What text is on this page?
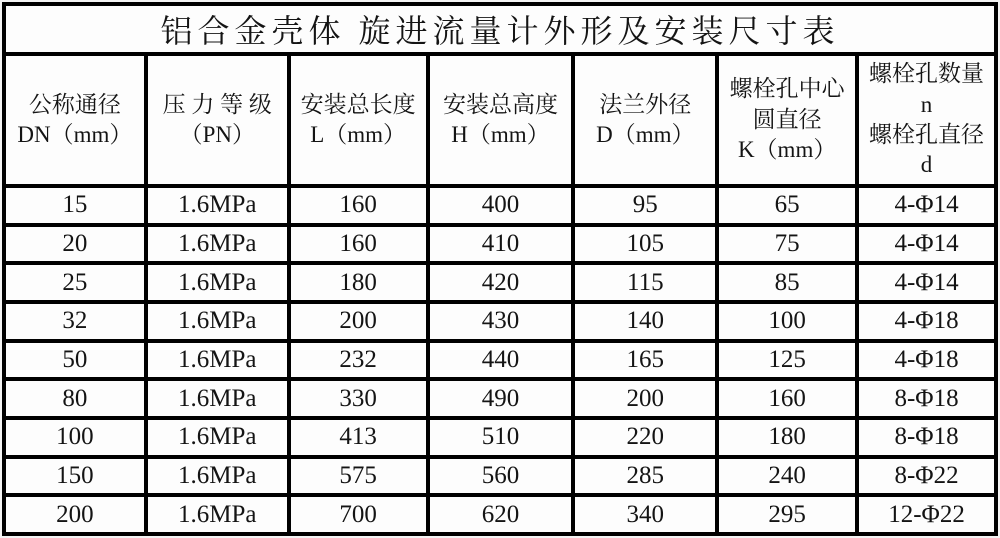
铝合金壳体 旋进流量计外形及安装尺寸表						

公称通径
DN（mm）

压 力 等 级
（PN）

安装总长度
L（mm）

安装总高度
H（mm）

法兰外径
D（mm）

螺栓孔中心
圆直径
K（mm）

螺栓孔数量
n
螺栓孔直径
d

15	1.6MPa	160	400	95	65	4-Φ14
20	1.6MPa	160	410	105	75	4-Φ14
25	1.6MPa	180	420	115	85	4-Φ14
32	1.6MPa	200	430	140	100	4-Φ18
50	1.6MPa	232	440	165	125	4-Φ18
80	1.6MPa	330	490	200	160	8-Φ18
100	1.6MPa	413	510	220	180	8-Φ18
150	1.6MPa	575	560	285	240	8-Φ22
200	1.6MPa	700	620	340	295	12-Φ22
